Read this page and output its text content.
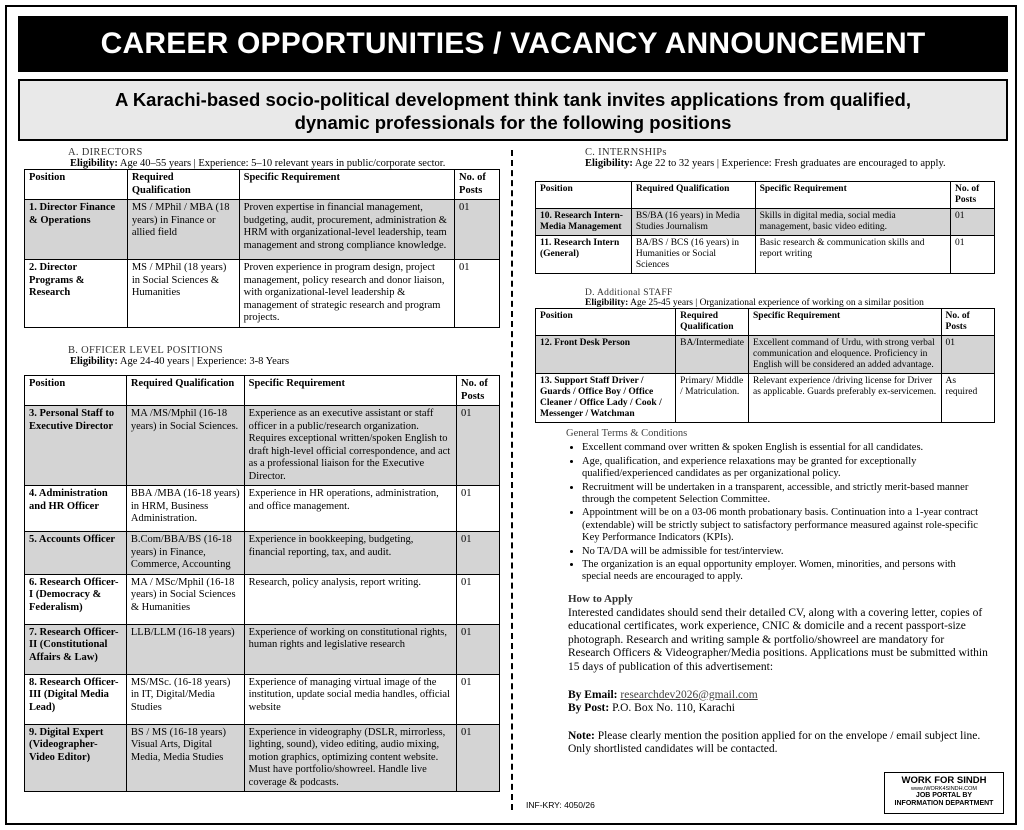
CAREER OPPORTUNITIES / VACANCY ANNOUNCEMENT
A Karachi-based socio-political development think tank invites applications from qualified,
dynamic professionals for the following positions
A. DIRECTORS
Eligibility: Age 40–55 years | Experience: 5–10 relevant years in public/corporate sector.
Position	Required Qualification	Specific Requirement	No. of Posts
1. Director Finance & Operations	MS / MPhil / MBA (18 years) in Finance or allied field	Proven expertise in financial management, budgeting, audit, procurement, administration & HRM with organizational-level leadership, team management and strong compliance knowledge.	01
2. Director Programs & Research	MS / MPhil (18 years) in Social Sciences & Humanities	Proven experience in program design, project management, policy research and donor liaison, with organizational-level leadership & management of strategic research and program projects.	01
B. OFFICER LEVEL POSITIONS
Eligibility: Age 24-40 years | Experience: 3-8 Years
Position	Required Qualification	Specific Requirement	No. of Posts
3. Personal Staff to Executive Director	MA /MS/Mphil (16-18 years) in Social Sciences.	Experience as an executive assistant or staff officer in a public/research organization. Requires exceptional written/spoken English to draft high-level official correspondence, and act as a professional liaison for the Executive Director.	01
4. Administration and HR Officer	BBA /MBA (16-18 years) in HRM, Business Administration.	Experience in HR operations, administration, and office management.	01
5. Accounts Officer	B.Com/BBA/BS (16-18 years) in Finance, Commerce, Accounting	Experience in bookkeeping, budgeting, financial reporting, tax, and audit.	01
6. Research Officer-I (Democracy & Federalism)	MA / MSc/Mphil (16-18 years) in Social Sciences & Humanities	Research, policy analysis, report writing.	01
7. Research Officer-II (Constitutional Affairs & Law)	LLB/LLM (16-18 years)	Experience of working on constitutional rights, human rights and legislative research	01
8. Research Officer-III (Digital Media Lead)	MS/MSc. (16-18 years) in IT, Digital/Media Studies	Experience of managing virtual image of the institution, update social media handles, official website	01
9. Digital Expert (Videographer-Video Editor)	BS / MS (16-18 years) Visual Arts, Digital Media, Media Studies	Experience in videography (DSLR, mirrorless, lighting, sound), video editing, audio mixing, motion graphics, optimizing content website. Must have portfolio/showreel. Handle live coverage & podcasts.	01
C. INTERNSHIPs
Eligibility: Age 22 to 32 years | Experience: Fresh graduates are encouraged to apply.
Position	Required Qualification	Specific Requirement	No. of Posts
10. Research Intern-Media Management	BS/BA (16 years) in Media Studies Journalism	Skills in digital media, social media management, basic video editing.	01
11. Research Intern (General)	BA/BS / BCS (16 years) in Humanities or Social Sciences	Basic research & communication skills and report writing	01
D. Additional STAFF
Eligibility: Age 25-45 years | Organizational experience of working on a similar position
Position	Required Qualification	Specific Requirement	No. of Posts
12. Front Desk Person	BA/Intermediate	Excellent command of Urdu, with strong verbal communication and eloquence. Proficiency in English will be considered an added advantage.	01
13. Support Staff Driver / Guards / Office Boy / Office Cleaner / Office Lady / Cook / Messenger / Watchman	Primary/ Middle / Matriculation.	Relevant experience /driving license for Driver as applicable. Guards preferably ex-servicemen.	As required
General Terms & Conditions
• Excellent command over written & spoken English is essential for all candidates.
• Age, qualification, and experience relaxations may be granted for exceptionally qualified/experienced candidates as per organizational policy.
• Recruitment will be undertaken in a transparent, accessible, and strictly merit-based manner through the competent Selection Committee.
• Appointment will be on a 03-06 month probationary basis. Continuation into a 1-year contract (extendable) will be strictly subject to satisfactory performance measured against role-specific Key Performance Indicators (KPIs).
• No TA/DA will be admissible for test/interview.
• The organization is an equal opportunity employer. Women, minorities, and persons with special needs are encouraged to apply.
How to Apply

Interested candidates should send their detailed CV, along with a covering letter, copies of educational certificates, work experience, CNIC & domicile and a recent passport-size photograph. Research and writing sample & portfolio/showreel are mandatory for Research Officers & Videographer/Media positions. Applications must be submitted within 15 days of publication of this advertisement:

By Email: researchdev2026@gmail.com

By Post: P.O. Box No. 110, Karachi

Note: Please clearly mention the position applied for on the envelope / email subject line. Only shortlisted candidates will be contacted.

INF-KRY: 4050/26
WORK FOR SINDH
www.iWORK4SINDH.COM
JOB PORTAL BY
INFORMATION DEPARTMENT
